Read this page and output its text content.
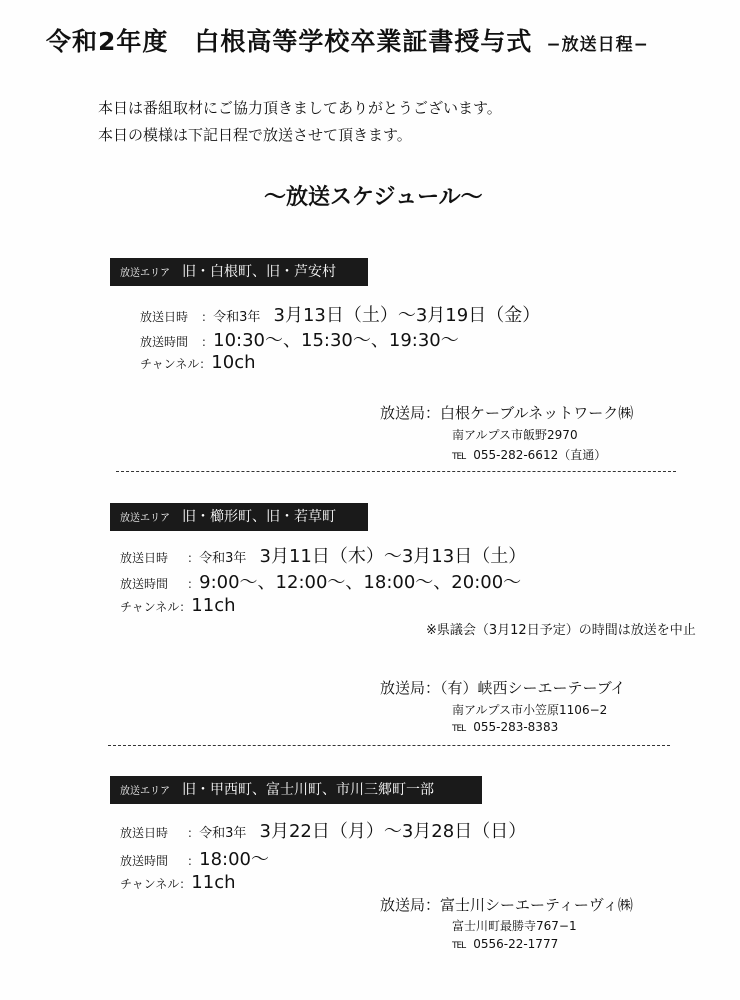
令和2年度　白根高等学校卒業証書授与式 −放送日程−
本日は番組取材にご協力頂きましてありがとうございます。
本日の模様は下記日程で放送させて頂きます。
〜放送スケジュール〜
放送エリア 旧・白根町、旧・芦安村
放送日時 ：令和3年 3月13日（土）〜3月19日（金）
放送時間 ：10:30〜、15:30〜、19:30〜
チャンネル：10ch
放送局：白根ケーブルネットワーク㈱
南アルプス市飯野2970
TEL 055-282-6612（直通）
放送エリア 旧・櫛形町、旧・若草町
放送日時 ：令和3年 3月11日（木）〜3月13日（土）
放送時間 ：9:00〜、12:00〜、18:00〜、20:00〜
チャンネル：11ch
※県議会（3月12日予定）の時間は放送を中止
放送局：（有）峡西シーエーテーブイ
南アルプス市小笠原1106−2
TEL 055-283-8383
放送エリア 旧・甲西町、富士川町、市川三郷町一部
放送日時 ：令和3年 3月22日（月）〜3月28日（日）
放送時間 ：18:00〜
チャンネル：11ch
放送局：富士川シーエーティーヴィ㈱
富士川町最勝寺767−1
TEL 0556-22-1777
